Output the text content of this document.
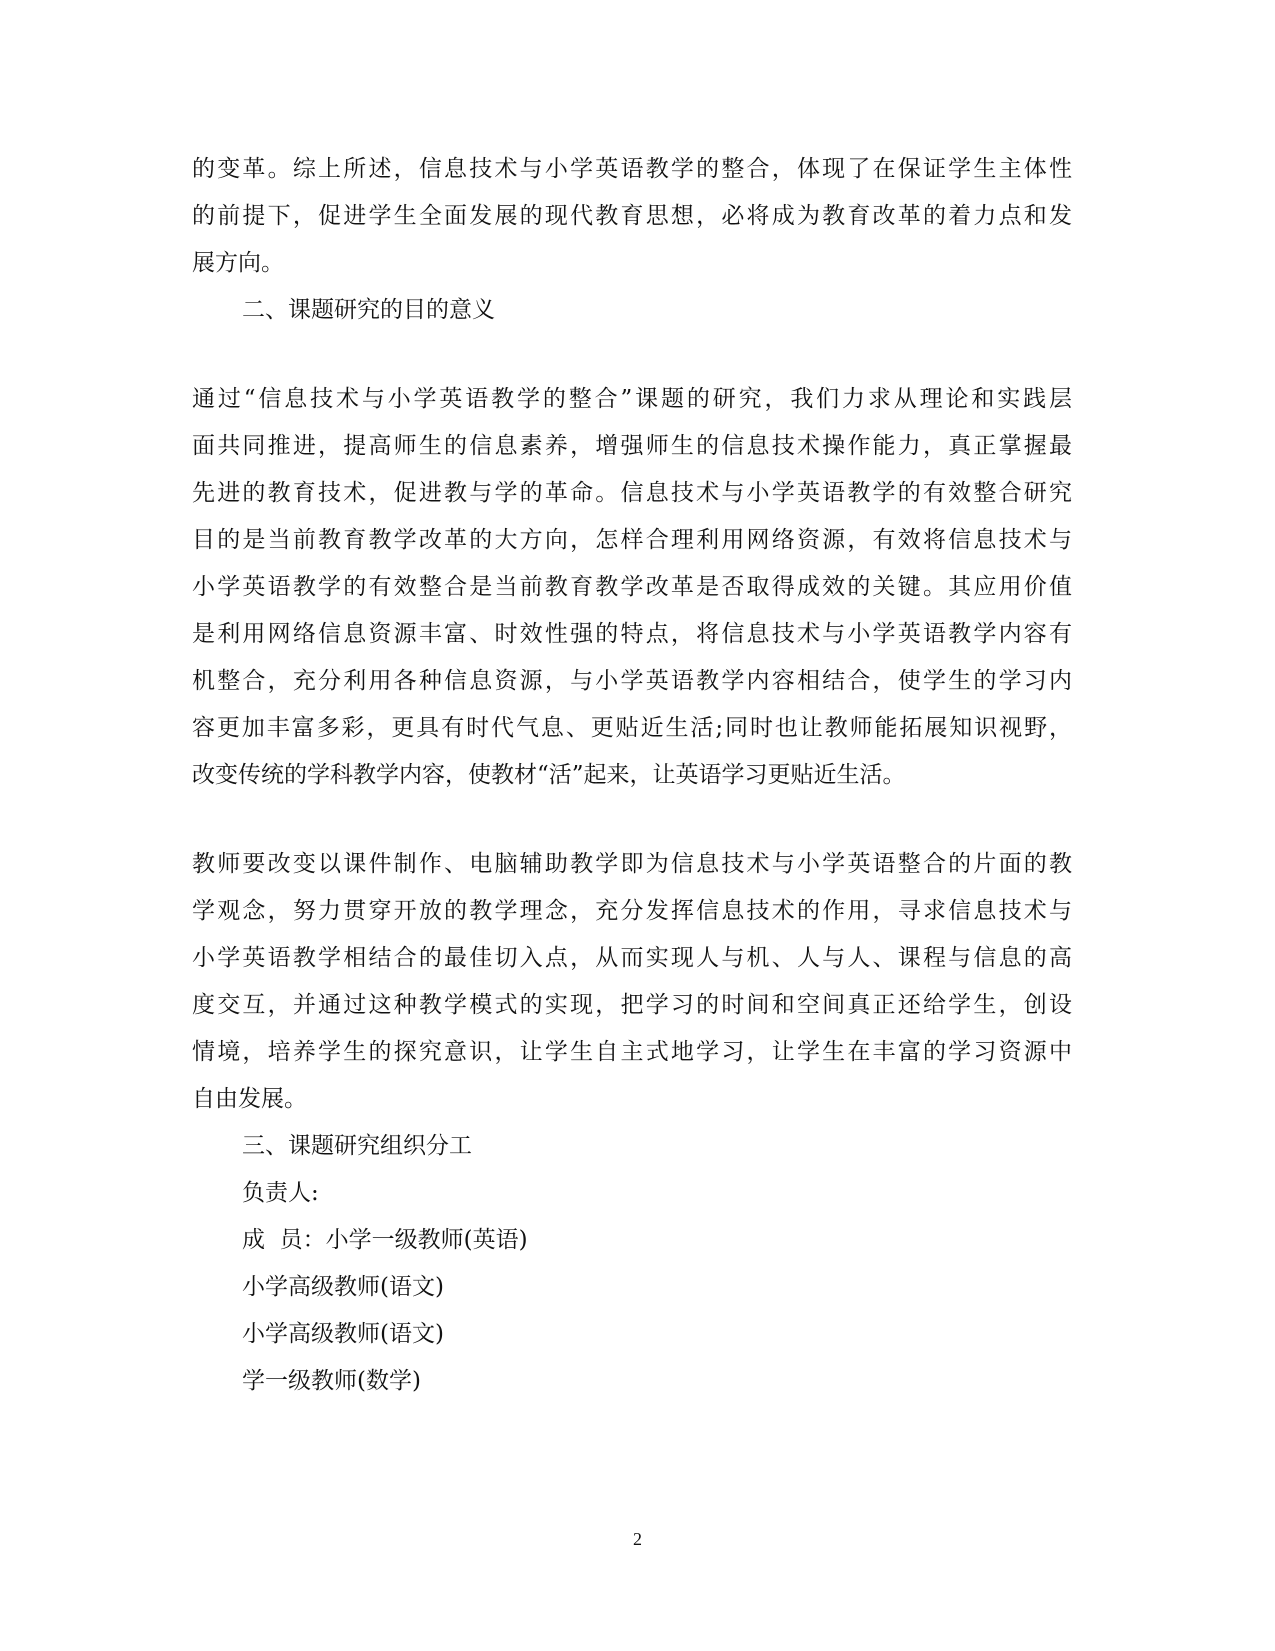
的变革。综上所述，信息技术与小学英语教学的整合，体现了在保证学生主体性
的前提下，促进学生全面发展的现代教育思想，必将成为教育改革的着力点和发
展方向。
二、课题研究的目的意义
通过“信息技术与小学英语教学的整合”课题的研究，我们力求从理论和实践层
面共同推进，提高师生的信息素养，增强师生的信息技术操作能力，真正掌握最
先进的教育技术，促进教与学的革命。信息技术与小学英语教学的有效整合研究
目的是当前教育教学改革的大方向，怎样合理利用网络资源，有效将信息技术与
小学英语教学的有效整合是当前教育教学改革是否取得成效的关键。其应用价值
是利用网络信息资源丰富、时效性强的特点，将信息技术与小学英语教学内容有
机整合，充分利用各种信息资源，与小学英语教学内容相结合，使学生的学习内
容更加丰富多彩，更具有时代气息、更贴近生活;同时也让教师能拓展知识视野，
改变传统的学科教学内容，使教材“活”起来，让英语学习更贴近生活。
教师要改变以课件制作、电脑辅助教学即为信息技术与小学英语整合的片面的教
学观念，努力贯穿开放的教学理念，充分发挥信息技术的作用，寻求信息技术与
小学英语教学相结合的最佳切入点，从而实现人与机、人与人、课程与信息的高
度交互，并通过这种教学模式的实现，把学习的时间和空间真正还给学生，创设
情境，培养学生的探究意识，让学生自主式地学习，让学生在丰富的学习资源中
自由发展。
三、课题研究组织分工
负责人:
成  员：小学一级教师(英语)
小学高级教师(语文)
小学高级教师(语文)
学一级教师(数学)
2
